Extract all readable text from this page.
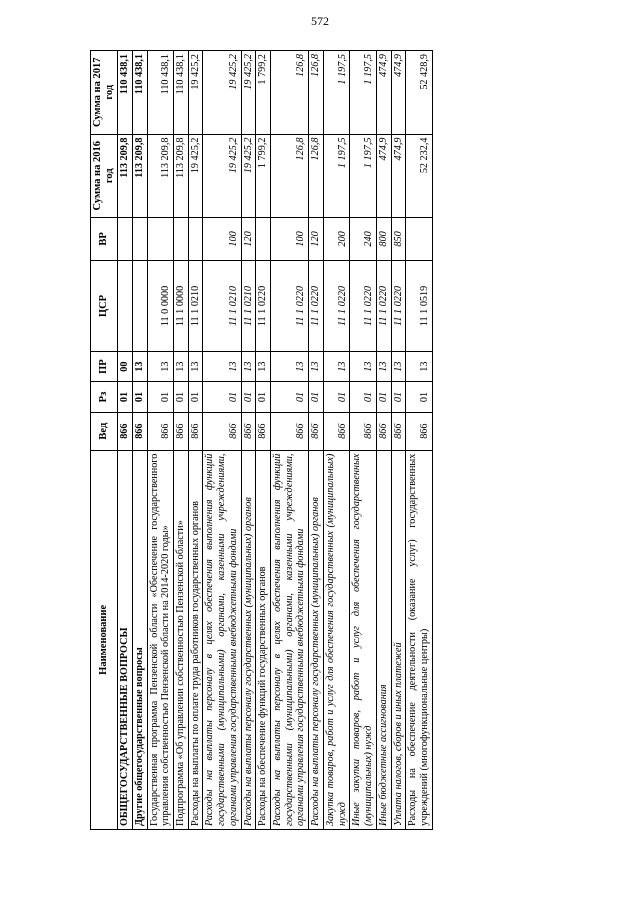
572
Наименование	Вед	Рз	ПР	ЦСР	ВР	Сумма на 2016 год	Сумма на 2017 год
ОБЩЕГОСУДАРСТВЕННЫЕ ВОПРОСЫ	866	01	00			113 209,8	110 438,1
Другие общегосударственные вопросы	866	01	13			113 209,8	110 438,1
Государственная программа Пензенской области «Обеспечение государственного управления собственностью Пензенской области на 2014-2020 годы»	866	01	13	11 0 0000		113 209,8	110 438,1
Подпрограмма «Об управлении собственностью Пензенской области»	866	01	13	11 1 0000		113 209,8	110 438,1
Расходы на выплаты по оплате труда работников государственных органов	866	01	13	11 1 0210		19 425,2	19 425,2
Расходы на выплаты персоналу в целях обеспечения выполнения функций государственными (муниципальными) органами, казенными учреждениями, органами управления государственными внебюджетными фондами	866	01	13	11 1 0210	100	19 425,2	19 425,2
Расходы на выплаты персоналу государственных (муниципальных) органов	866	01	13	11 1 0210	120	19 425,2	19 425,2
Расходы на обеспечение функций государственных органов	866	01	13	11 1 0220		1 799,2	1 799,2
Расходы на выплаты персоналу в целях обеспечения выполнения функций государственными (муниципальными) органами, казенными учреждениями, органами управления государственными внебюджетными фондами	866	01	13	11 1 0220	100	126,8	126,8
Расходы на выплаты персоналу государственных (муниципальных) органов	866	01	13	11 1 0220	120	126,8	126,8
Закупка товаров, работ и услуг для обеспечения государственных (муниципальных) нужд	866	01	13	11 1 0220	200	1 197,5	1 197,5
Иные закупки товаров, работ и услуг для обеспечения государственных (муниципальных) нужд	866	01	13	11 1 0220	240	1 197,5	1 197,5
Иные бюджетные ассигнования	866	01	13	11 1 0220	800	474,9	474,9
Уплата налогов, сборов и иных платежей	866	01	13	11 1 0220	850	474,9	474,9
Расходы на обеспечение деятельности (оказание услуг) государственных учреждений (многофункциональные центры)	866	01	13	11 1 0519		52 232,4	52 428,9
